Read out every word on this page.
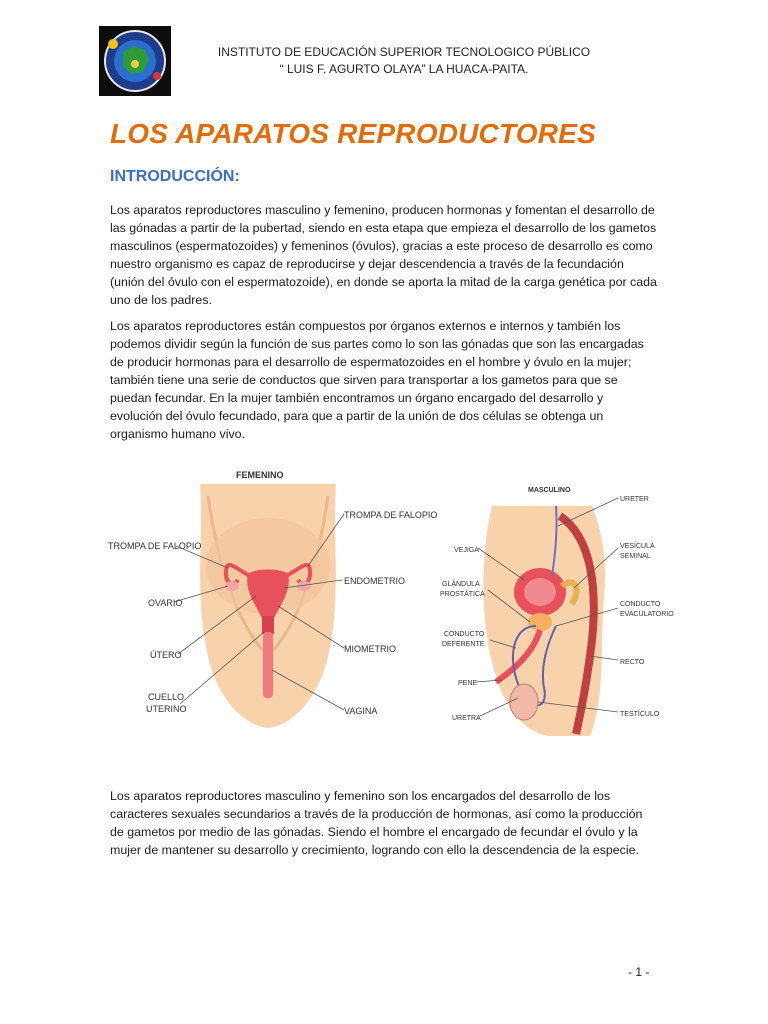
INSTITUTO DE EDUCACIÓN SUPERIOR TECNOLOGICO PÚBLICO
“ LUIS F. AGURTO OLAYA” LA HUACA-PAITA.
LOS APARATOS REPRODUCTORES
INTRODUCCIÓN:

Los aparatos reproductores masculino y femenino, producen hormonas y fomentan el desarrollo de las gónadas a partir de la pubertad, siendo en esta etapa que empieza el desarrollo de los gametos masculinos (espermatozoides) y femeninos (óvulos), gracias a este proceso de desarrollo es como nuestro organismo es capaz de reproducirse y dejar descendencia a través de la fecundación (unión del óvulo con el espermatozoide), en donde se aporta la mitad de la carga genética por cada uno de los padres.

Los aparatos reproductores están compuestos por órganos externos e internos y también los podemos dividir según la función de sus partes como lo son las gónadas que son las encargadas de producir hormonas para el desarrollo de espermatozoides en el hombre y óvulo en la mujer; también tiene una serie de conductos que sirven para transportar a los gametos para que se puedan fecundar. En la mujer también encontramos un órgano encargado del desarrollo y evolución del óvulo fecundado, para que a partir de la unión de dos células se obtenga un organismo humano vivo.

FEMENINO
TROMPA DE FALOPIO
OVARIO
ÚTERO
CUELLO
UTERINO
TROMPA DE FALOPIO
ENDOMETRIO
MIOMETRIO
VAGINA
MASCULINO
VEJIGA
GLÁNDULA
PROSTÁTICA
CONDUCTO
DEFERENTE
PENE
URETRA
URETER
VESÍCULA
SEMINAL
CONDUCTO
EVACULATORIO
RECTO
TESTÍCULO

Los aparatos reproductores masculino y femenino son los encargados del desarrollo de los caracteres sexuales secundarios a través de la producción de hormonas, así como la producción de gametos por medio de las gónadas. Siendo el hombre el encargado de fecundar el óvulo y la mujer de mantener su desarrollo y crecimiento, logrando con ello la descendencia de la especie.

- 1 -
